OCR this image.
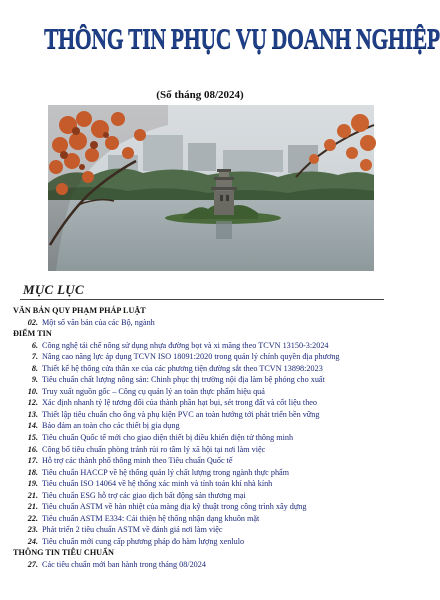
THÔNG TIN PHỤC VỤ DOANH NGHIỆP
(Số tháng 08/2024)
MỤC LỤC
VĂN BẢN QUY PHẠM PHÁP LUẬT
02. Một số văn bản của các Bộ, ngành
ĐIỂM TIN
6. Công nghệ tái chế nông sử dụng nhựa đường bọt và xi măng theo TCVN 13150-3:2024
7. Nâng cao năng lực áp dụng TCVN ISO 18091:2020 trong quản lý chính quyền địa phương
8. Thiết kế hệ thống cửa thân xe của các phương tiện đường sắt theo TCVN 13898:2023
9. Tiêu chuẩn chất lượng nông sản: Chinh phục thị trường nội địa làm bệ phóng cho xuất
10. Truy xuất nguồn gốc – Công cụ quản lý an toàn thực phẩm hiệu quả
12. Xác định nhanh tỷ lệ tương đối của thành phần hạt bụi, sét trong đất và cốt liệu theo
13. Thiết lập tiêu chuẩn cho ống và phụ kiện PVC an toàn hướng tới phát triển bền vững
14. Bảo đảm an toàn cho các thiết bị gia dụng
15. Tiêu chuẩn Quốc tế mới cho giao diện thiết bị điều khiển điện tử thông minh
16. Công bố tiêu chuẩn phòng tránh rủi ro tâm lý xã hội tại nơi làm việc
17. Hỗ trợ các thành phố thông minh theo Tiêu chuẩn Quốc tế
18. Tiêu chuẩn HACCP về hệ thống quản lý chất lượng trong ngành thực phẩm
19. Tiêu chuẩn ISO 14064 về hệ thống xác minh và tính toán khí nhà kính
21. Tiêu chuẩn ESG hỗ trợ các giao dịch bất động sản thương mại
21. Tiêu chuẩn ASTM về hàn nhiệt của màng địa kỹ thuật trong công trình xây dựng
22. Tiêu chuẩn ASTM E334: Cải thiện hệ thống nhận dạng khuôn mặt
23. Phát triển 2 tiêu chuẩn ASTM về đánh giá nơi làm việc
24. Tiêu chuẩn mới cung cấp phương pháp đo hàm lượng xenlulo
THÔNG TIN TIÊU CHUẨN
27. Các tiêu chuẩn mới ban hành trong tháng 08/2024
